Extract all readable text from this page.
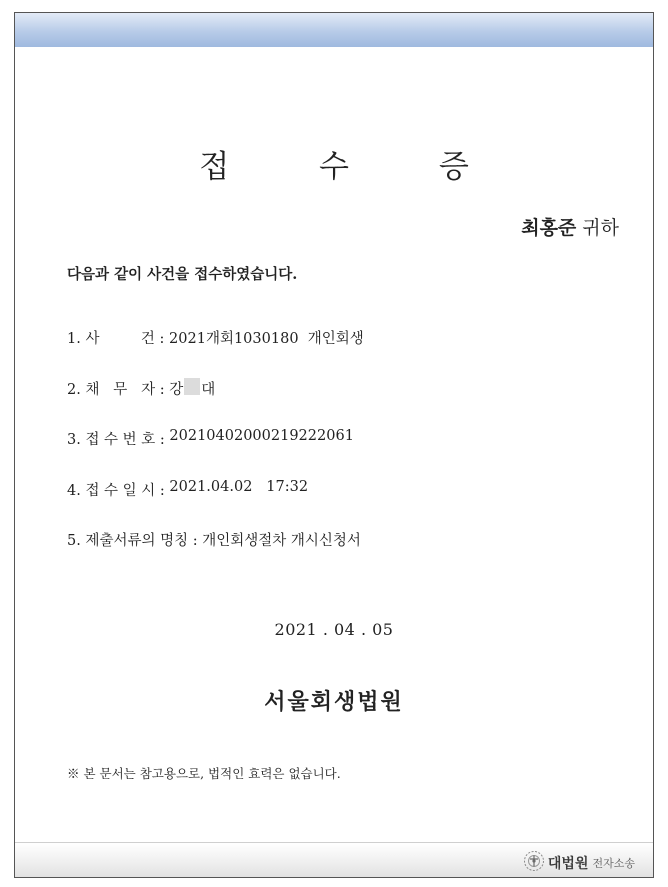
접 수 증
최홍준 귀하
다음과 같이 사건을 접수하였습니다.
1. 사         건 : 2021개회1030180  개인회생
2. 채   무   자 : 강 대
3. 접 수 번 호 : 20210402000219222061
4. 접 수 일 시 : 2021.04.02   17:32
5. 제출서류의 명칭 : 개인회생절차 개시신청서
2021 . 04 . 05
서울회생법원
※ 본 문서는 참고용으로, 법적인 효력은 없습니다.
대법원 전자소송
